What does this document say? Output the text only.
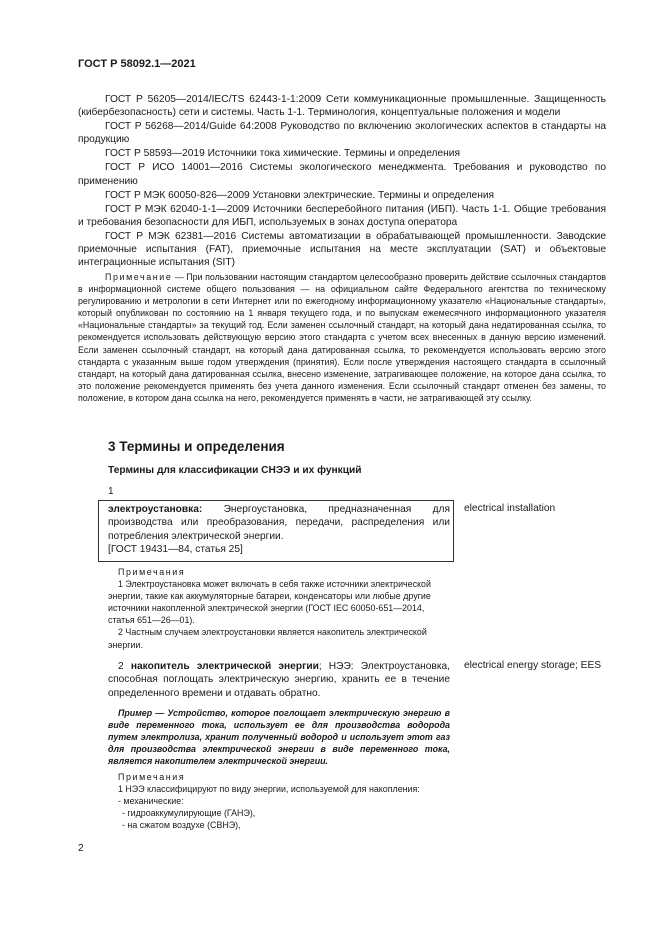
ГОСТ Р 58092.1—2021

ГОСТ Р 56205—2014/IEC/TS 62443-1-1:2009 Сети коммуникационные промышленные. Защищенность (кибербезопасность) сети и системы. Часть 1-1. Терминология, концептуальные положения и модели

ГОСТ Р 56268—2014/Guide 64:2008 Руководство по включению экологических аспектов в стандарты на продукцию

ГОСТ Р 58593—2019 Источники тока химические. Термины и определения

ГОСТ Р ИСО 14001—2016 Системы экологического менеджмента. Требования и руководство по применению

ГОСТ Р МЭК 60050-826—2009 Установки электрические. Термины и определения

ГОСТ Р МЭК 62040-1-1—2009 Источники бесперебойного питания (ИБП). Часть 1-1. Общие требования и требования безопасности для ИБП, используемых в зонах доступа оператора

ГОСТ Р МЭК 62381—2016 Системы автоматизации в обрабатывающей промышленности. Заводские приемочные испытания (FAT), приемочные испытания на месте эксплуатации (SAT) и объектовые интеграционные испытания (SIT)

Примечание — При пользовании настоящим стандартом целесообразно проверить действие ссылочных стандартов в информационной системе общего пользования — на официальном сайте Федерального агентства по техническому регулированию и метрологии в сети Интернет или по ежегодному информационному указателю «Национальные стандарты», который опубликован по состоянию на 1 января текущего года, и по выпускам ежемесячного информационного указателя «Национальные стандарты» за текущий год. Если заменен ссылочный стандарт, на который дана недатированная ссылка, то рекомендуется использовать действующую версию этого стандарта с учетом всех внесенных в данную версию изменений. Если заменен ссылочный стандарт, на который дана датированная ссылка, то рекомендуется использовать версию этого стандарта с указанным выше годом утверждения (принятия). Если после утверждения настоящего стандарта в ссылочный стандарт, на который дана датированная ссылка, внесено изменение, затрагивающее положение, на которое дана ссылка, то это положение рекомендуется применять без учета данного изменения. Если ссылочный стандарт отменен без замены, то положение, в котором дана ссылка на него, рекомендуется применять в части, не затрагивающей эту ссылку.
3 Термины и определения
Термины для классификации СНЭЭ и их функций
1
электроустановка: Энергоустановка, предназначенная для производства или преобразования, передачи, распределения или потребления электрической энергии.
[ГОСТ 19431—84, статья 25]
electrical installation

Примечания

1 Электроустановка может включать в себя также источники электрической энергии, такие как аккумуляторные батареи, конденсаторы или любые другие источники накопленной электрической энергии (ГОСТ IEC 60050-651—2014, статья 651—26—01).

2 Частным случаем электроустановки является накопитель электрической энергии.

2 накопитель электрической энергии; НЭЭ: Электроустановка, способная поглощать электрическую энергию, хранить ее в течение определенного времени и отдавать обратно.
electrical energy storage; EES
Пример — Устройство, которое поглощает электрическую энергию в виде переменного тока, использует ее для производства водорода путем электролиза, хранит полученный водород и использует этот газ для производства электрической энергии в виде переменного тока, является накопителем электрической энергии.

Примечания

1 НЭЭ классифицируют по виду энергии, используемой для накопления:

- механические:

- гидроаккумулирующие (ГАНЭ),

- на сжатом воздухе (СВНЭ),

2
